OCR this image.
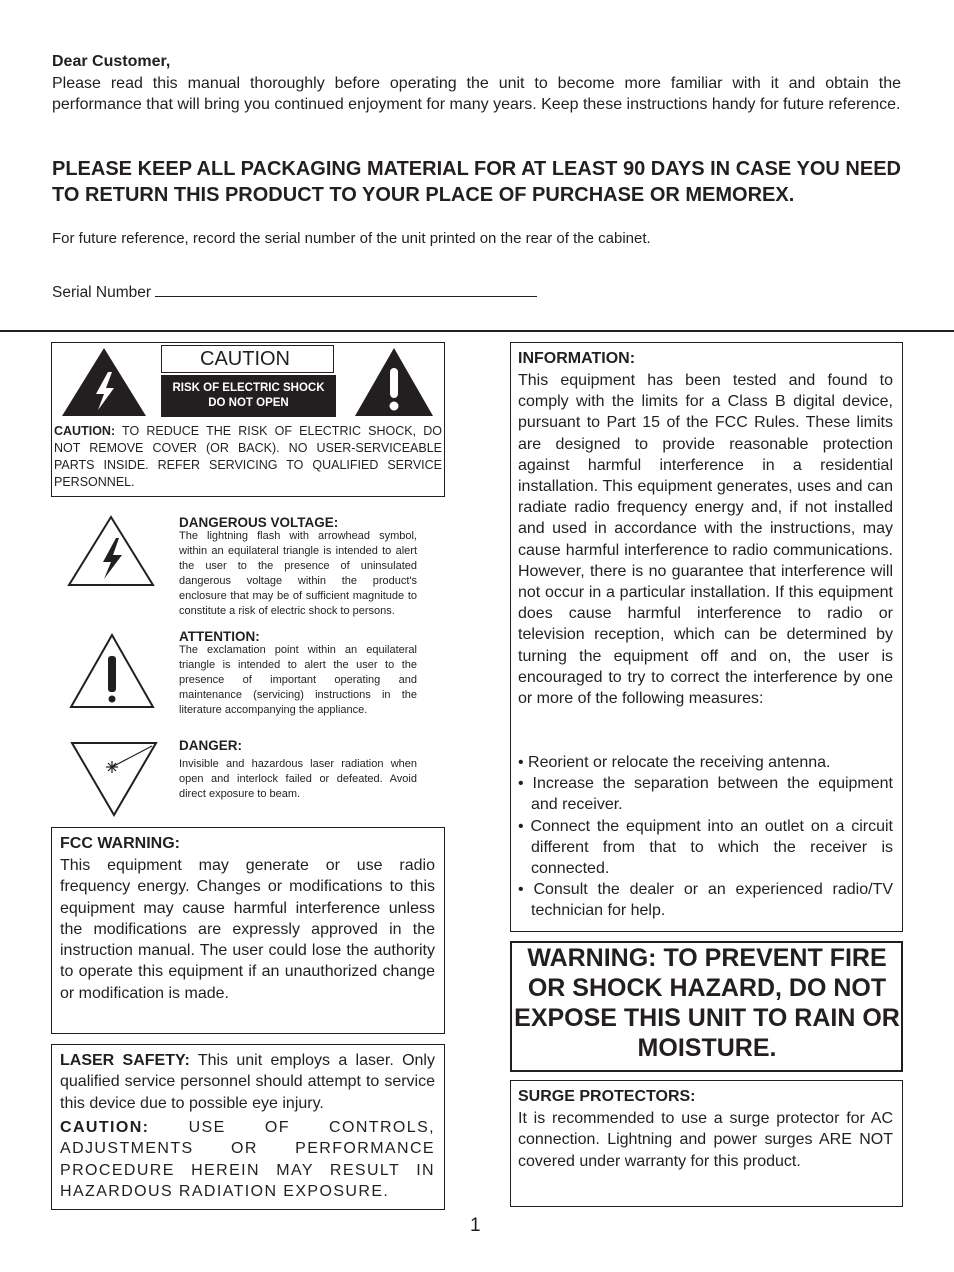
Dear Customer,
Please read this manual thoroughly before operating the unit to become more familiar with it and obtain the performance that will bring you continued enjoyment for many years. Keep these instructions handy for future reference.
PLEASE KEEP ALL PACKAGING MATERIAL FOR AT LEAST 90 DAYS IN CASE YOU NEED TO RETURN THIS PRODUCT TO YOUR PLACE OF PURCHASE OR MEMOREX.
For future reference, record the serial number of the unit printed on the rear of the cabinet.
Serial Number
CAUTION
RISK OF ELECTRIC SHOCK
DO NOT OPEN
CAUTION: TO REDUCE THE RISK OF ELECTRIC SHOCK, DO NOT REMOVE COVER (OR BACK). NO USER-SERVICEABLE PARTS INSIDE. REFER SERVICING TO QUALIFIED SERVICE PERSONNEL.
DANGEROUS VOLTAGE:
The lightning flash with arrowhead symbol, within an equilateral triangle is intended to alert the user to the presence of uninsulated dangerous voltage within the product's enclosure that may be of sufficient magnitude to constitute a risk of electric shock to persons.
ATTENTION:
The exclamation point within an equilateral triangle is intended to alert the user to the presence of important operating and maintenance (servicing) instructions in the literature accompanying the appliance.
DANGER:
Invisible and hazardous laser radiation when open and interlock failed or defeated. Avoid direct exposure to beam.
FCC WARNING:
This equipment may generate or use radio frequency energy. Changes or modifications to this equipment may cause harmful interference unless the modifications are expressly approved in the instruction manual. The user could lose the authority to operate this equipment if an unauthorized change or modification is made.
LASER SAFETY: This unit employs a laser. Only qualified service personnel should attempt to service this device due to possible eye injury.
CAUTION: USE OF CONTROLS, ADJUSTMENTS OR PERFORMANCE PROCEDURE HEREIN MAY RESULT IN HAZARDOUS RADIATION EXPOSURE.
INFORMATION:
This equipment has been tested and found to comply with the limits for a Class B digital device, pursuant to Part 15 of the FCC Rules. These limits are designed to provide reasonable protection against harmful interference in a residential installation. This equipment generates, uses and can radiate radio frequency energy and, if not installed and used in accordance with the instructions, may cause harmful interference to radio communications. However, there is no guarantee that interference will not occur in a particular installation. If this equipment does cause harmful interference to radio or television reception, which can be determined by turning the equipment off and on, the user is encouraged to try to correct the interference by one or more of the following measures:
• Reorient or relocate the receiving antenna.
• Increase the separation between the equipment and receiver.
• Connect the equipment into an outlet on a circuit different from that to which the receiver is connected.
• Consult the dealer or an experienced radio/TV technician for help.
WARNING: TO PREVENT FIRE OR SHOCK HAZARD, DO NOT EXPOSE THIS UNIT TO RAIN OR MOISTURE.
SURGE PROTECTORS:
It is recommended to use a surge protector for AC connection. Lightning and power surges ARE NOT covered under warranty for this product.
1
